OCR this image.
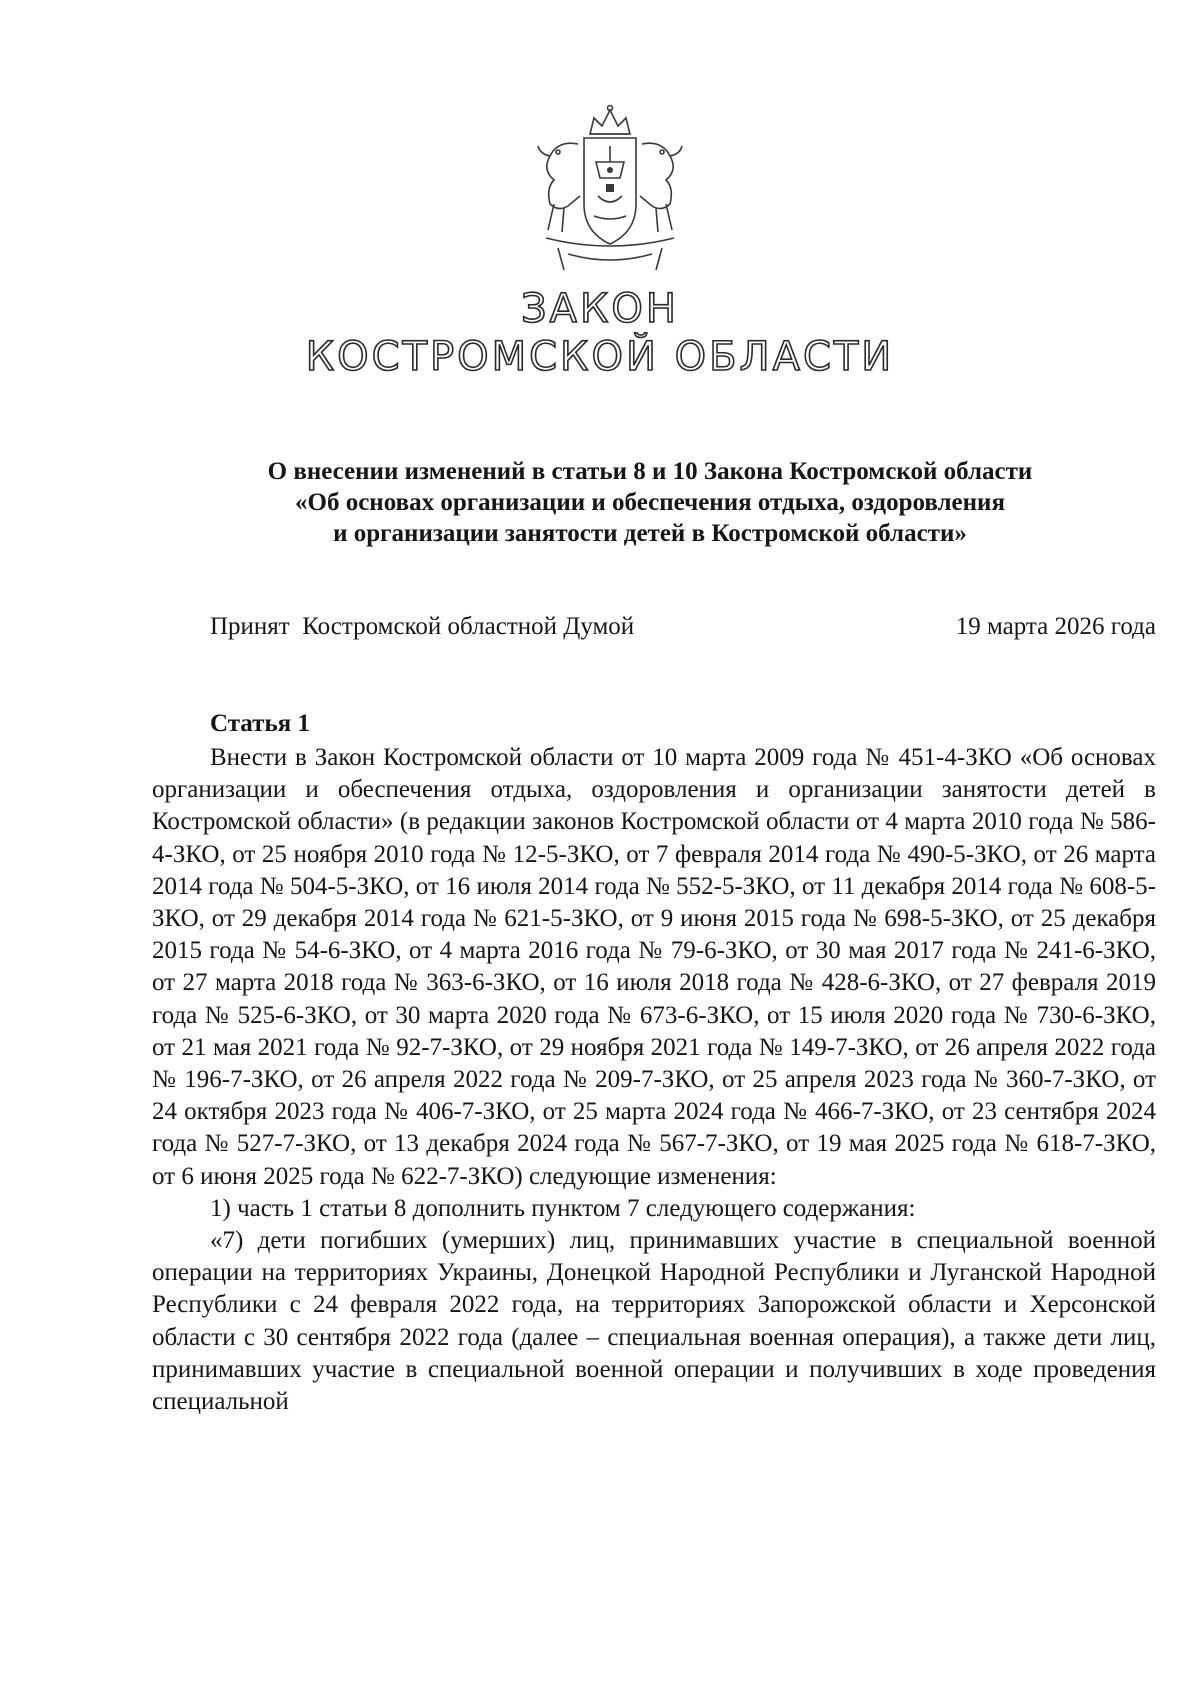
ЗАКОН
КОСТРОМСКОЙ ОБЛАСТИ
О внесении изменений в статьи 8 и 10 Закона Костромской области
«Об основах организации и обеспечения отдыха, оздоровления
и организации занятости детей в Костромской области»
Принят  Костромской областной Думой	19 марта 2026 года
Статья 1

Внести в Закон Костромской области от 10 марта 2009 года № 451-4-ЗКО «Об основах организации и обеспечения отдыха, оздоровления и организации занятости детей в Костромской области» (в редакции законов Костромской области от 4 марта 2010 года № 586-4-ЗКО, от 25 ноября 2010 года № 12-5-ЗКО, от 7 февраля 2014 года № 490-5-ЗКО, от 26 марта 2014 года № 504-5-ЗКО, от 16 июля 2014 года № 552-5-ЗКО, от 11 декабря 2014 года № 608-5-ЗКО, от 29 декабря 2014 года № 621-5-ЗКО, от 9 июня 2015 года № 698-5-ЗКО, от 25 декабря 2015 года № 54-6-ЗКО, от 4 марта 2016 года № 79-6-ЗКО, от 30 мая 2017 года № 241-6-ЗКО, от 27 марта 2018 года № 363-6-ЗКО, от 16 июля 2018 года № 428-6-ЗКО, от 27 февраля 2019 года № 525-6-ЗКО, от 30 марта 2020 года № 673-6-ЗКО, от 15 июля 2020 года № 730-6-ЗКО, от 21 мая 2021 года № 92-7-ЗКО, от 29 ноября 2021 года № 149-7-ЗКО, от 26 апреля 2022 года № 196-7-ЗКО, от 26 апреля 2022 года № 209-7-ЗКО, от 25 апреля 2023 года № 360-7-ЗКО, от 24 октября 2023 года № 406-7-ЗКО, от 25 марта 2024 года № 466-7-ЗКО, от 23 сентября 2024 года № 527-7-ЗКО, от 13 декабря 2024 года № 567-7-ЗКО, от 19 мая 2025 года № 618-7-ЗКО, от 6 июня 2025 года № 622-7-ЗКО) следующие изменения:

1) часть 1 статьи 8 дополнить пунктом 7 следующего содержания:

«7) дети погибших (умерших) лиц, принимавших участие в специальной военной операции на территориях Украины, Донецкой Народной Республики и Луганской Народной Республики с 24 февраля 2022 года, на территориях Запорожской области и Херсонской области с 30 сентября 2022 года (далее – специальная военная операция), а также дети лиц, принимавших участие в специальной военной операции и получивших в ходе проведения специальной
